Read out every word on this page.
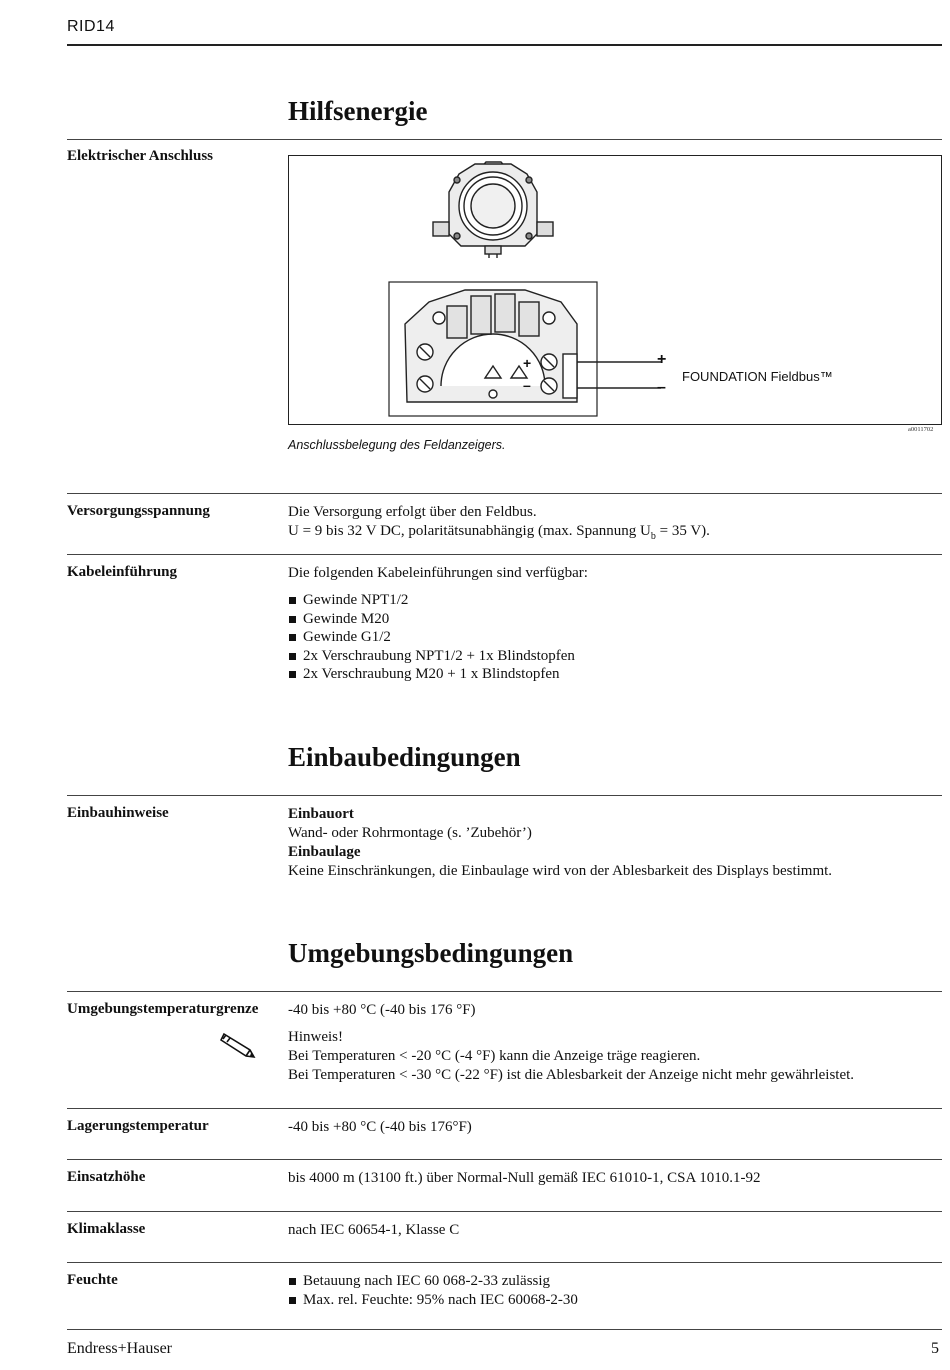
RID14
Hilfsenergie
Elektrischer Anschluss
+
–
+
–
FOUNDATION Fieldbus™
a0011702
Anschlussbelegung des Feldanzeigers.
Versorgungsspannung	Die Versorgung erfolgt über den Feldbus.
U = 9 bis 32 V DC, polaritätsunabhängig (max. Spannung $U_b = 35$ V).
Kabeleinführung	Die folgenden Kabeleinführungen sind verfügbar:
Gewinde NPT1/2
Gewinde M20
Gewinde G1/2
2x Verschraubung NPT1/2 + 1x Blindstopfen
2x Verschraubung M20 + 1 x Blindstopfen
Einbaubedingungen
Einbauhinweise	Einbauort
Wand- oder Rohrmontage (s. ’Zubehör’)
Einbaulage
Keine Einschränkungen, die Einbaulage wird von der Ablesbarkeit des Displays bestimmt.
Umgebungsbedingungen
Umgebungstemperaturgrenze -40 bis +80 °C (-40 bis 176 °F)
Hinweis!
Bei Temperaturen < -20 °C (-4 °F) kann die Anzeige träge reagieren.
Bei Temperaturen < -30 °C (-22 °F) ist die Ablesbarkeit der Anzeige nicht mehr gewährleistet.
Lagerungstemperatur	-40 bis +80 °C (-40 bis 176°F)
Einsatzhöhe	bis 4000 m (13100 ft.) über Normal-Null gemäß IEC 61010-1, CSA 1010.1-92
Klimaklasse	nach IEC 60654-1, Klasse C
Feuchte	Betauung nach IEC 60 068-2-33 zulässig
Max. rel. Feuchte: 95% nach IEC 60068-2-30
Endress+Hauser	5
